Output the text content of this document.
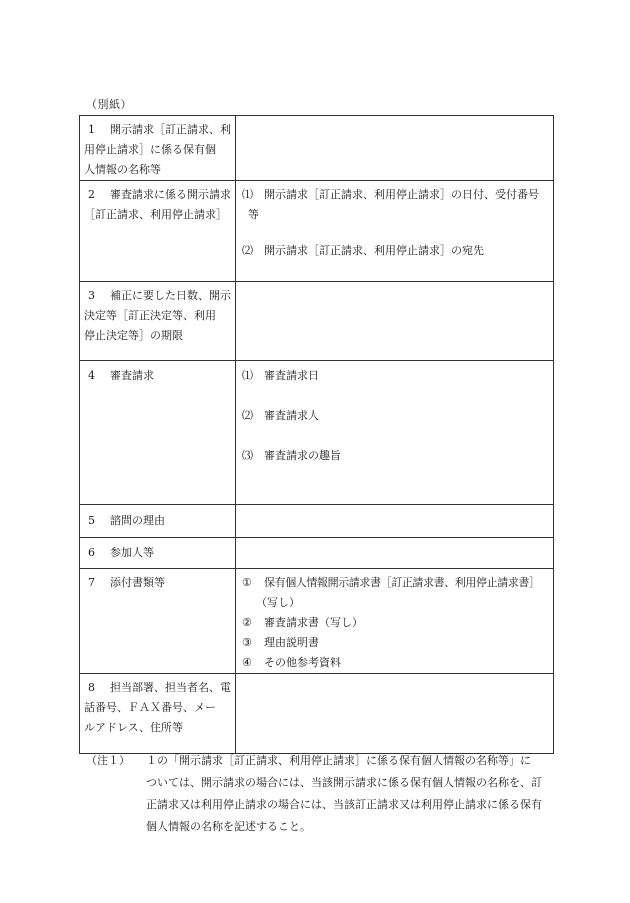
（別紙）
1 開示請求［訂正請求、利
用停止請求］に係る保有個
人情報の名称等	

2 審査請求に係る開示請求
［訂正請求、利用停止請求］	⑴ 開示請求［訂正請求、利用停止請求］の日付、受付番号
等
⑵ 開示請求［訂正請求、利用停止請求］の宛先

3 補正に要した日数、開示
決定等［訂正決定等、利用
停止決定等］の期限	

4 審査請求	⑴ 審査請求日
⑵ 審査請求人
⑶ 審査請求の趣旨

5 諮問の理由	

6 参加人等	

7 添付書類等	① 保有個人情報開示請求書［訂正請求書、利用停止請求書］
（写し）
② 審査請求書（写し）
③ 理由説明書
④ その他参考資料

8 担当部署、担当者名、電
話番号、ＦＡＸ番号、メー
ルアドレス、住所等	

（注１） １の「開示請求［訂正請求、利用停止請求］に係る保有個人情報の名称等」に
ついては、開示請求の場合には、当該開示請求に係る保有個人情報の名称を、訂
正請求又は利用停止請求の場合には、当該訂正請求又は利用停止請求に係る保有
個人情報の名称を記述すること。
